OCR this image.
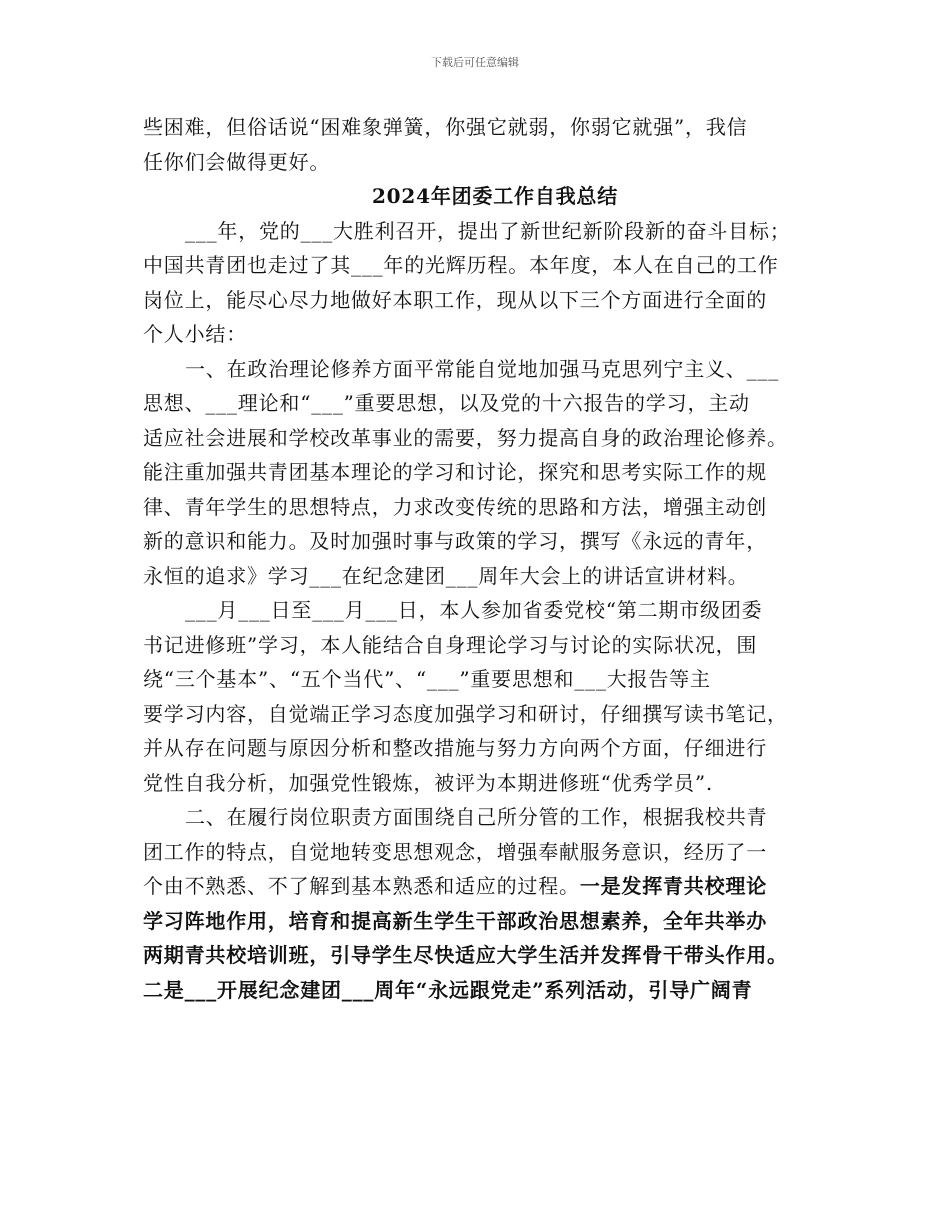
下载后可任意编辑

些困难，但俗话说“困难象弹簧，你强它就弱，你弱它就强”，我信
任你们会做得更好。

2024年团委工作自我总结

___年，党的___大胜利召开，提出了新世纪新阶段新的奋斗目标；
中国共青团也走过了其___年的光辉历程。本年度，本人在自己的工作
岗位上，能尽心尽力地做好本职工作，现从以下三个方面进行全面的
个人小结：

一、在政治理论修养方面平常能自觉地加强马克思列宁主义、___
思想、___理论和“___”重要思想，以及党的十六报告的学习，主动
适应社会进展和学校改革事业的需要，努力提高自身的政治理论修养。
能注重加强共青团基本理论的学习和讨论，探究和思考实际工作的规
律、青年学生的思想特点，力求改变传统的思路和方法，增强主动创
新的意识和能力。及时加强时事与政策的学习，撰写《永远的青年，
永恒的追求》学习___在纪念建团___周年大会上的讲话宣讲材料。

___月___日至___月___日，本人参加省委党校“第二期市级团委
书记进修班”学习，本人能结合自身理论学习与讨论的实际状况，围
绕“三个基本”、“五个当代”、“___”重要思想和___大报告等主
要学习内容，自觉端正学习态度加强学习和研讨，仔细撰写读书笔记，
并从存在问题与原因分析和整改措施与努力方向两个方面，仔细进行
党性自我分析，加强党性锻炼，被评为本期进修班“优秀学员”.

二、在履行岗位职责方面围绕自己所分管的工作，根据我校共青
团工作的特点，自觉地转变思想观念，增强奉献服务意识，经历了一
个由不熟悉、不了解到基本熟悉和适应的过程。一是发挥青共校理论
学习阵地作用，培育和提高新生学生干部政治思想素养，全年共举办
两期青共校培训班，引导学生尽快适应大学生活并发挥骨干带头作用。
二是___开展纪念建团___周年“永远跟党走”系列活动，引导广阔青
